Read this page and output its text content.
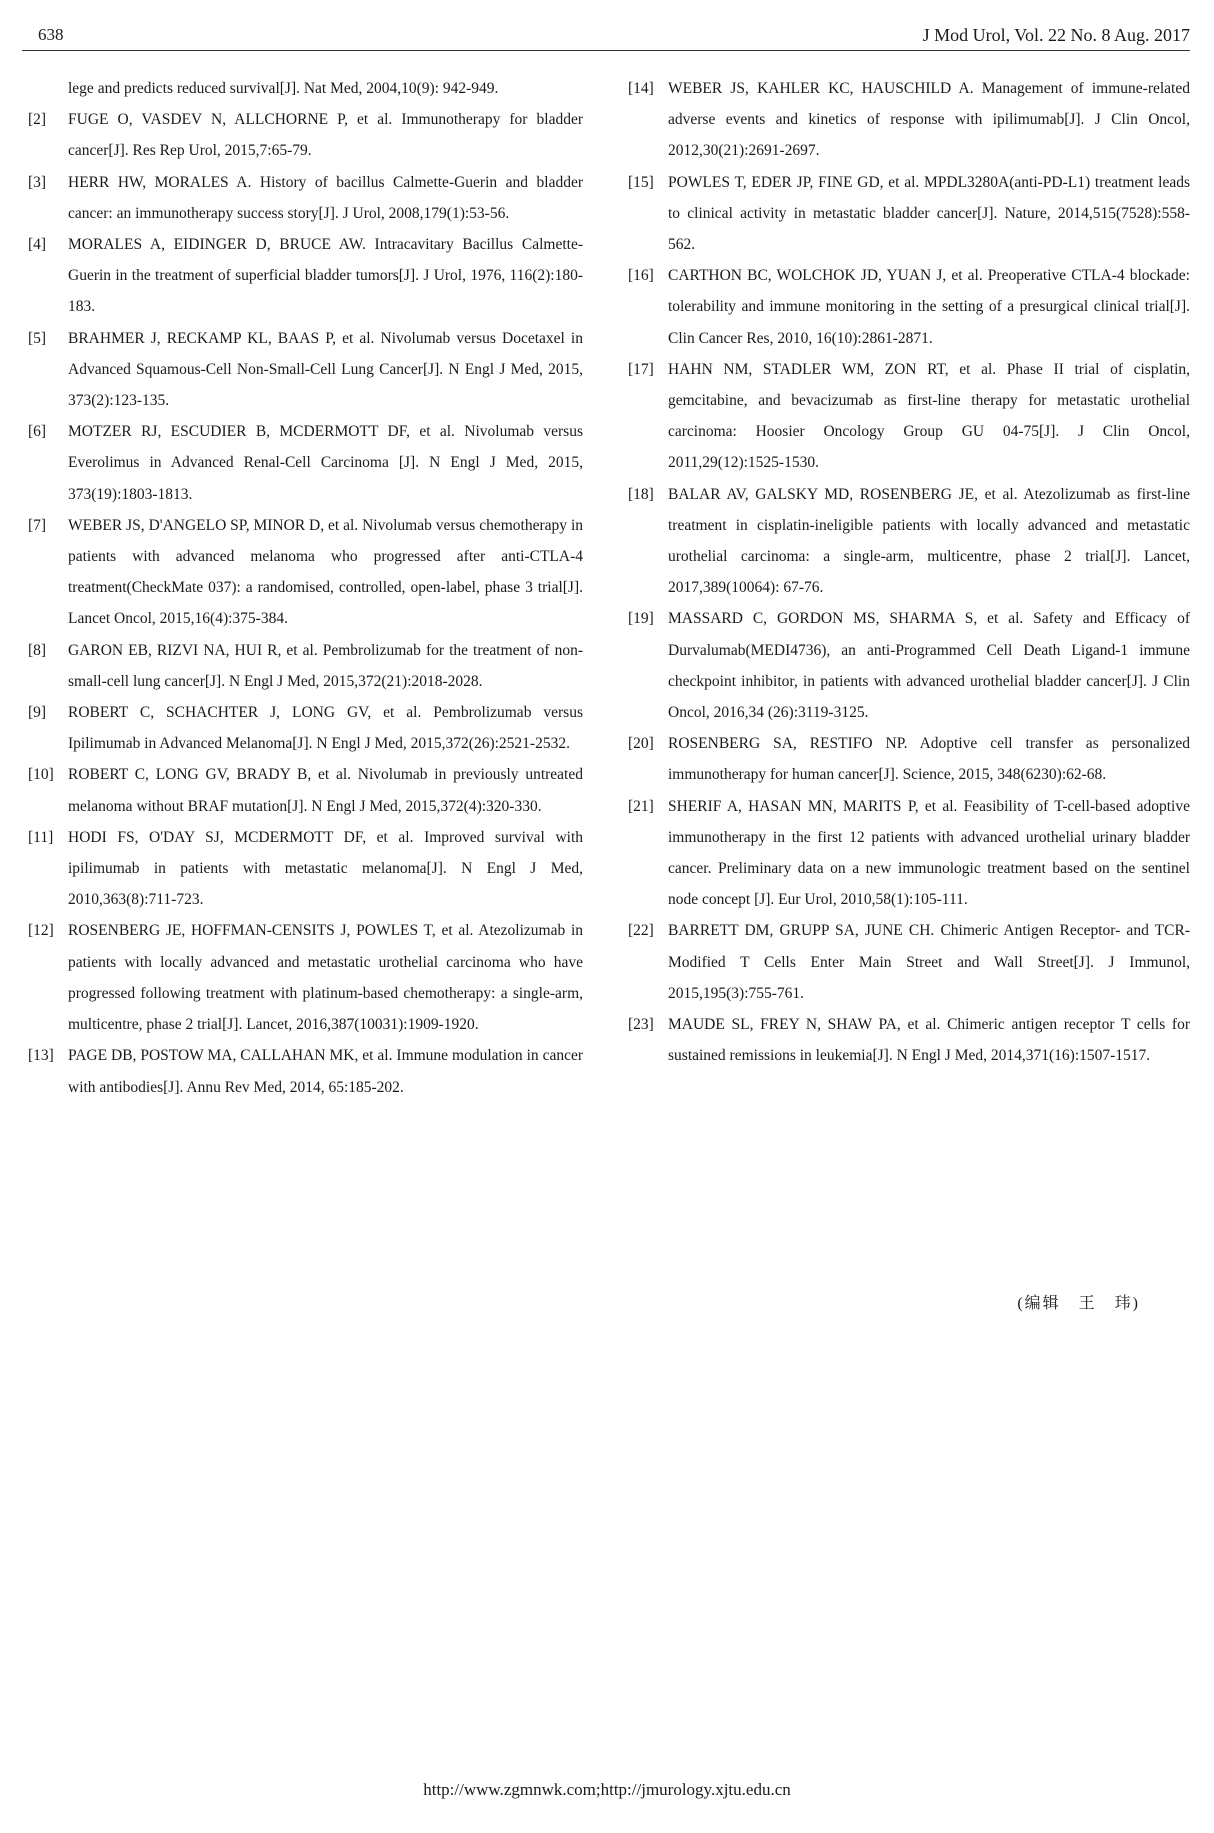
638	J Mod Urol, Vol. 22 No. 8 Aug. 2017
lege and predicts reduced survival[J]. Nat Med, 2004,10(9): 942-949.
[2] FUGE O, VASDEV N, ALLCHORNE P, et al. Immunotherapy for bladder cancer[J]. Res Rep Urol, 2015,7:65-79.
[3] HERR HW, MORALES A. History of bacillus Calmette-Guerin and bladder cancer: an immunotherapy success story[J]. J Urol, 2008,179(1):53-56.
[4] MORALES A, EIDINGER D, BRUCE AW. Intracavitary Bacillus Calmette-Guerin in the treatment of superficial bladder tumors[J]. J Urol, 1976, 116(2):180-183.
[5] BRAHMER J, RECKAMP KL, BAAS P, et al. Nivolumab versus Docetaxel in Advanced Squamous-Cell Non-Small-Cell Lung Cancer[J]. N Engl J Med, 2015, 373(2):123-135.
[6] MOTZER RJ, ESCUDIER B, MCDERMOTT DF, et al. Nivolumab versus Everolimus in Advanced Renal-Cell Carcinoma [J]. N Engl J Med, 2015, 373(19):1803-1813.
[7] WEBER JS, D'ANGELO SP, MINOR D, et al. Nivolumab versus chemotherapy in patients with advanced melanoma who progressed after anti-CTLA-4 treatment(CheckMate 037): a randomised, controlled, open-label, phase 3 trial[J]. Lancet Oncol, 2015,16(4):375-384.
[8] GARON EB, RIZVI NA, HUI R, et al. Pembrolizumab for the treatment of non-small-cell lung cancer[J]. N Engl J Med, 2015,372(21):2018-2028.
[9] ROBERT C, SCHACHTER J, LONG GV, et al. Pembrolizumab versus Ipilimumab in Advanced Melanoma[J]. N Engl J Med, 2015,372(26):2521-2532.
[10] ROBERT C, LONG GV, BRADY B, et al. Nivolumab in previously untreated melanoma without BRAF mutation[J]. N Engl J Med, 2015,372(4):320-330.
[11] HODI FS, O'DAY SJ, MCDERMOTT DF, et al. Improved survival with ipilimumab in patients with metastatic melanoma[J]. N Engl J Med, 2010,363(8):711-723.
[12] ROSENBERG JE, HOFFMAN-CENSITS J, POWLES T, et al. Atezolizumab in patients with locally advanced and metastatic urothelial carcinoma who have progressed following treatment with platinum-based chemotherapy: a single-arm, multicentre, phase 2 trial[J]. Lancet, 2016,387(10031):1909-1920.
[13] PAGE DB, POSTOW MA, CALLAHAN MK, et al. Immune modulation in cancer with antibodies[J]. Annu Rev Med, 2014, 65:185-202.
[14] WEBER JS, KAHLER KC, HAUSCHILD A. Management of immune-related adverse events and kinetics of response with ipilimumab[J]. J Clin Oncol, 2012,30(21):2691-2697.
[15] POWLES T, EDER JP, FINE GD, et al. MPDL3280A(anti-PD-L1) treatment leads to clinical activity in metastatic bladder cancer[J]. Nature, 2014,515(7528):558-562.
[16] CARTHON BC, WOLCHOK JD, YUAN J, et al. Preoperative CTLA-4 blockade: tolerability and immune monitoring in the setting of a presurgical clinical trial[J]. Clin Cancer Res, 2010, 16(10):2861-2871.
[17] HAHN NM, STADLER WM, ZON RT, et al. Phase II trial of cisplatin, gemcitabine, and bevacizumab as first-line therapy for metastatic urothelial carcinoma: Hoosier Oncology Group GU 04-75[J]. J Clin Oncol, 2011,29(12):1525-1530.
[18] BALAR AV, GALSKY MD, ROSENBERG JE, et al. Atezolizumab as first-line treatment in cisplatin-ineligible patients with locally advanced and metastatic urothelial carcinoma: a single-arm, multicentre, phase 2 trial[J]. Lancet, 2017,389(10064): 67-76.
[19] MASSARD C, GORDON MS, SHARMA S, et al. Safety and Efficacy of Durvalumab(MEDI4736), an anti-Programmed Cell Death Ligand-1 immune checkpoint inhibitor, in patients with advanced urothelial bladder cancer[J]. J Clin Oncol, 2016,34 (26):3119-3125.
[20] ROSENBERG SA, RESTIFO NP. Adoptive cell transfer as personalized immunotherapy for human cancer[J]. Science, 2015, 348(6230):62-68.
[21] SHERIF A, HASAN MN, MARITS P, et al. Feasibility of T-cell-based adoptive immunotherapy in the first 12 patients with advanced urothelial urinary bladder cancer. Preliminary data on a new immunologic treatment based on the sentinel node concept [J]. Eur Urol, 2010,58(1):105-111.
[22] BARRETT DM, GRUPP SA, JUNE CH. Chimeric Antigen Receptor- and TCR-Modified T Cells Enter Main Street and Wall Street[J]. J Immunol, 2015,195(3):755-761.
[23] MAUDE SL, FREY N, SHAW PA, et al. Chimeric antigen receptor T cells for sustained remissions in leukemia[J]. N Engl J Med, 2014,371(16):1507-1517.
(编辑　王　玮)
http://www.zgmnwk.com;http://jmurology.xjtu.edu.cn
